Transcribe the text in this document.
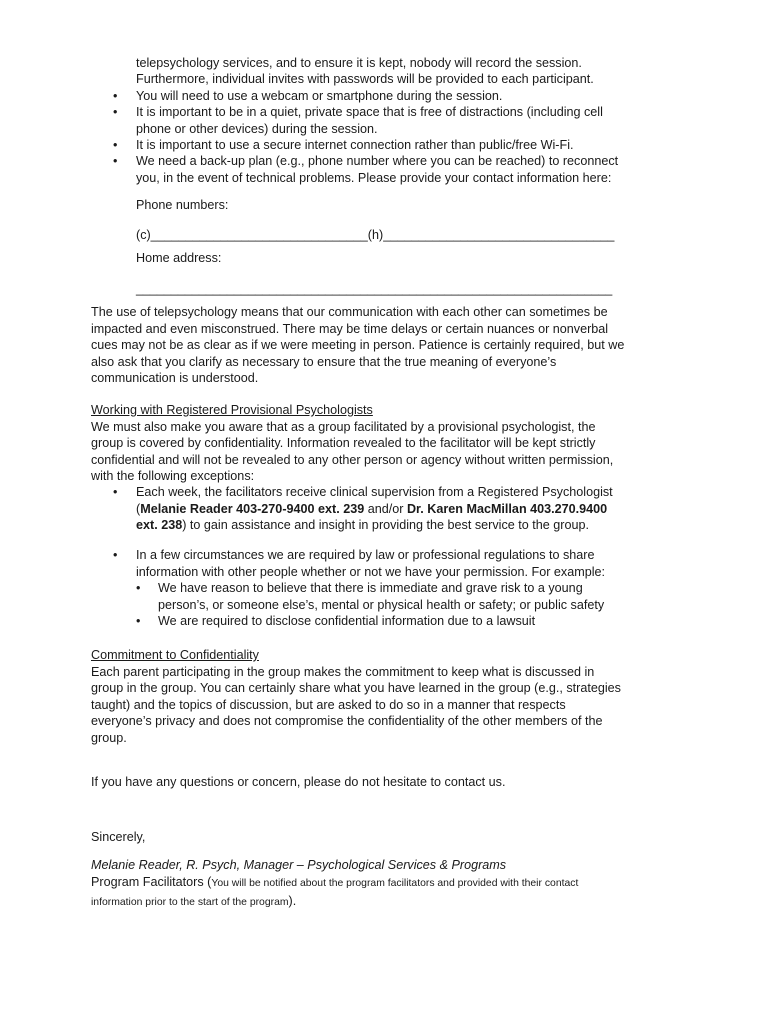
telepsychology services, and to ensure it is kept, nobody will record the session.
Furthermore, individual invites with passwords will be provided to each participant.
•	You will need to use a webcam or smartphone during the session.
•	It is important to be in a quiet, private space that is free of distractions (including cell
phone or other devices) during the session.
•	It is important to use a secure internet connection rather than public/free Wi-Fi.
•	We need a back-up plan (e.g., phone number where you can be reached) to reconnect
you, in the event of technical problems. Please provide your contact information here:
Phone numbers:
(c)_______________________________(h)_________________________________
Home address:
____________________________________________________________________
The use of telepsychology means that our communication with each other can sometimes be
impacted and even misconstrued. There may be time delays or certain nuances or nonverbal
cues may not be as clear as if we were meeting in person. Patience is certainly required, but we
also ask that you clarify as necessary to ensure that the true meaning of everyone’s
communication is understood.
Working with Registered Provisional Psychologists
We must also make you aware that as a group facilitated by a provisional psychologist, the
group is covered by confidentiality. Information revealed to the facilitator will be kept strictly
confidential and will not be revealed to any other person or agency without written permission,
with the following exceptions:
•	Each week, the facilitators receive clinical supervision from a Registered Psychologist
(Melanie Reader 403-270-9400 ext. 239 and/or Dr. Karen MacMillan 403.270.9400
ext. 238) to gain assistance and insight in providing the best service to the group.
•	In a few circumstances we are required by law or professional regulations to share
information with other people whether or not we have your permission. For example:
•	We have reason to believe that there is immediate and grave risk to a young
person’s, or someone else’s, mental or physical health or safety; or public safety
•	We are required to disclose confidential information due to a lawsuit
Commitment to Confidentiality
Each parent participating in the group makes the commitment to keep what is discussed in
group in the group. You can certainly share what you have learned in the group (e.g., strategies
taught) and the topics of discussion, but are asked to do so in a manner that respects
everyone’s privacy and does not compromise the confidentiality of the other members of the
group.
If you have any questions or concern, please do not hesitate to contact us.
Sincerely,
Melanie Reader, R. Psych, Manager – Psychological Services & Programs
Program Facilitators (You will be notified about the program facilitators and provided with their contact
information prior to the start of the program).
